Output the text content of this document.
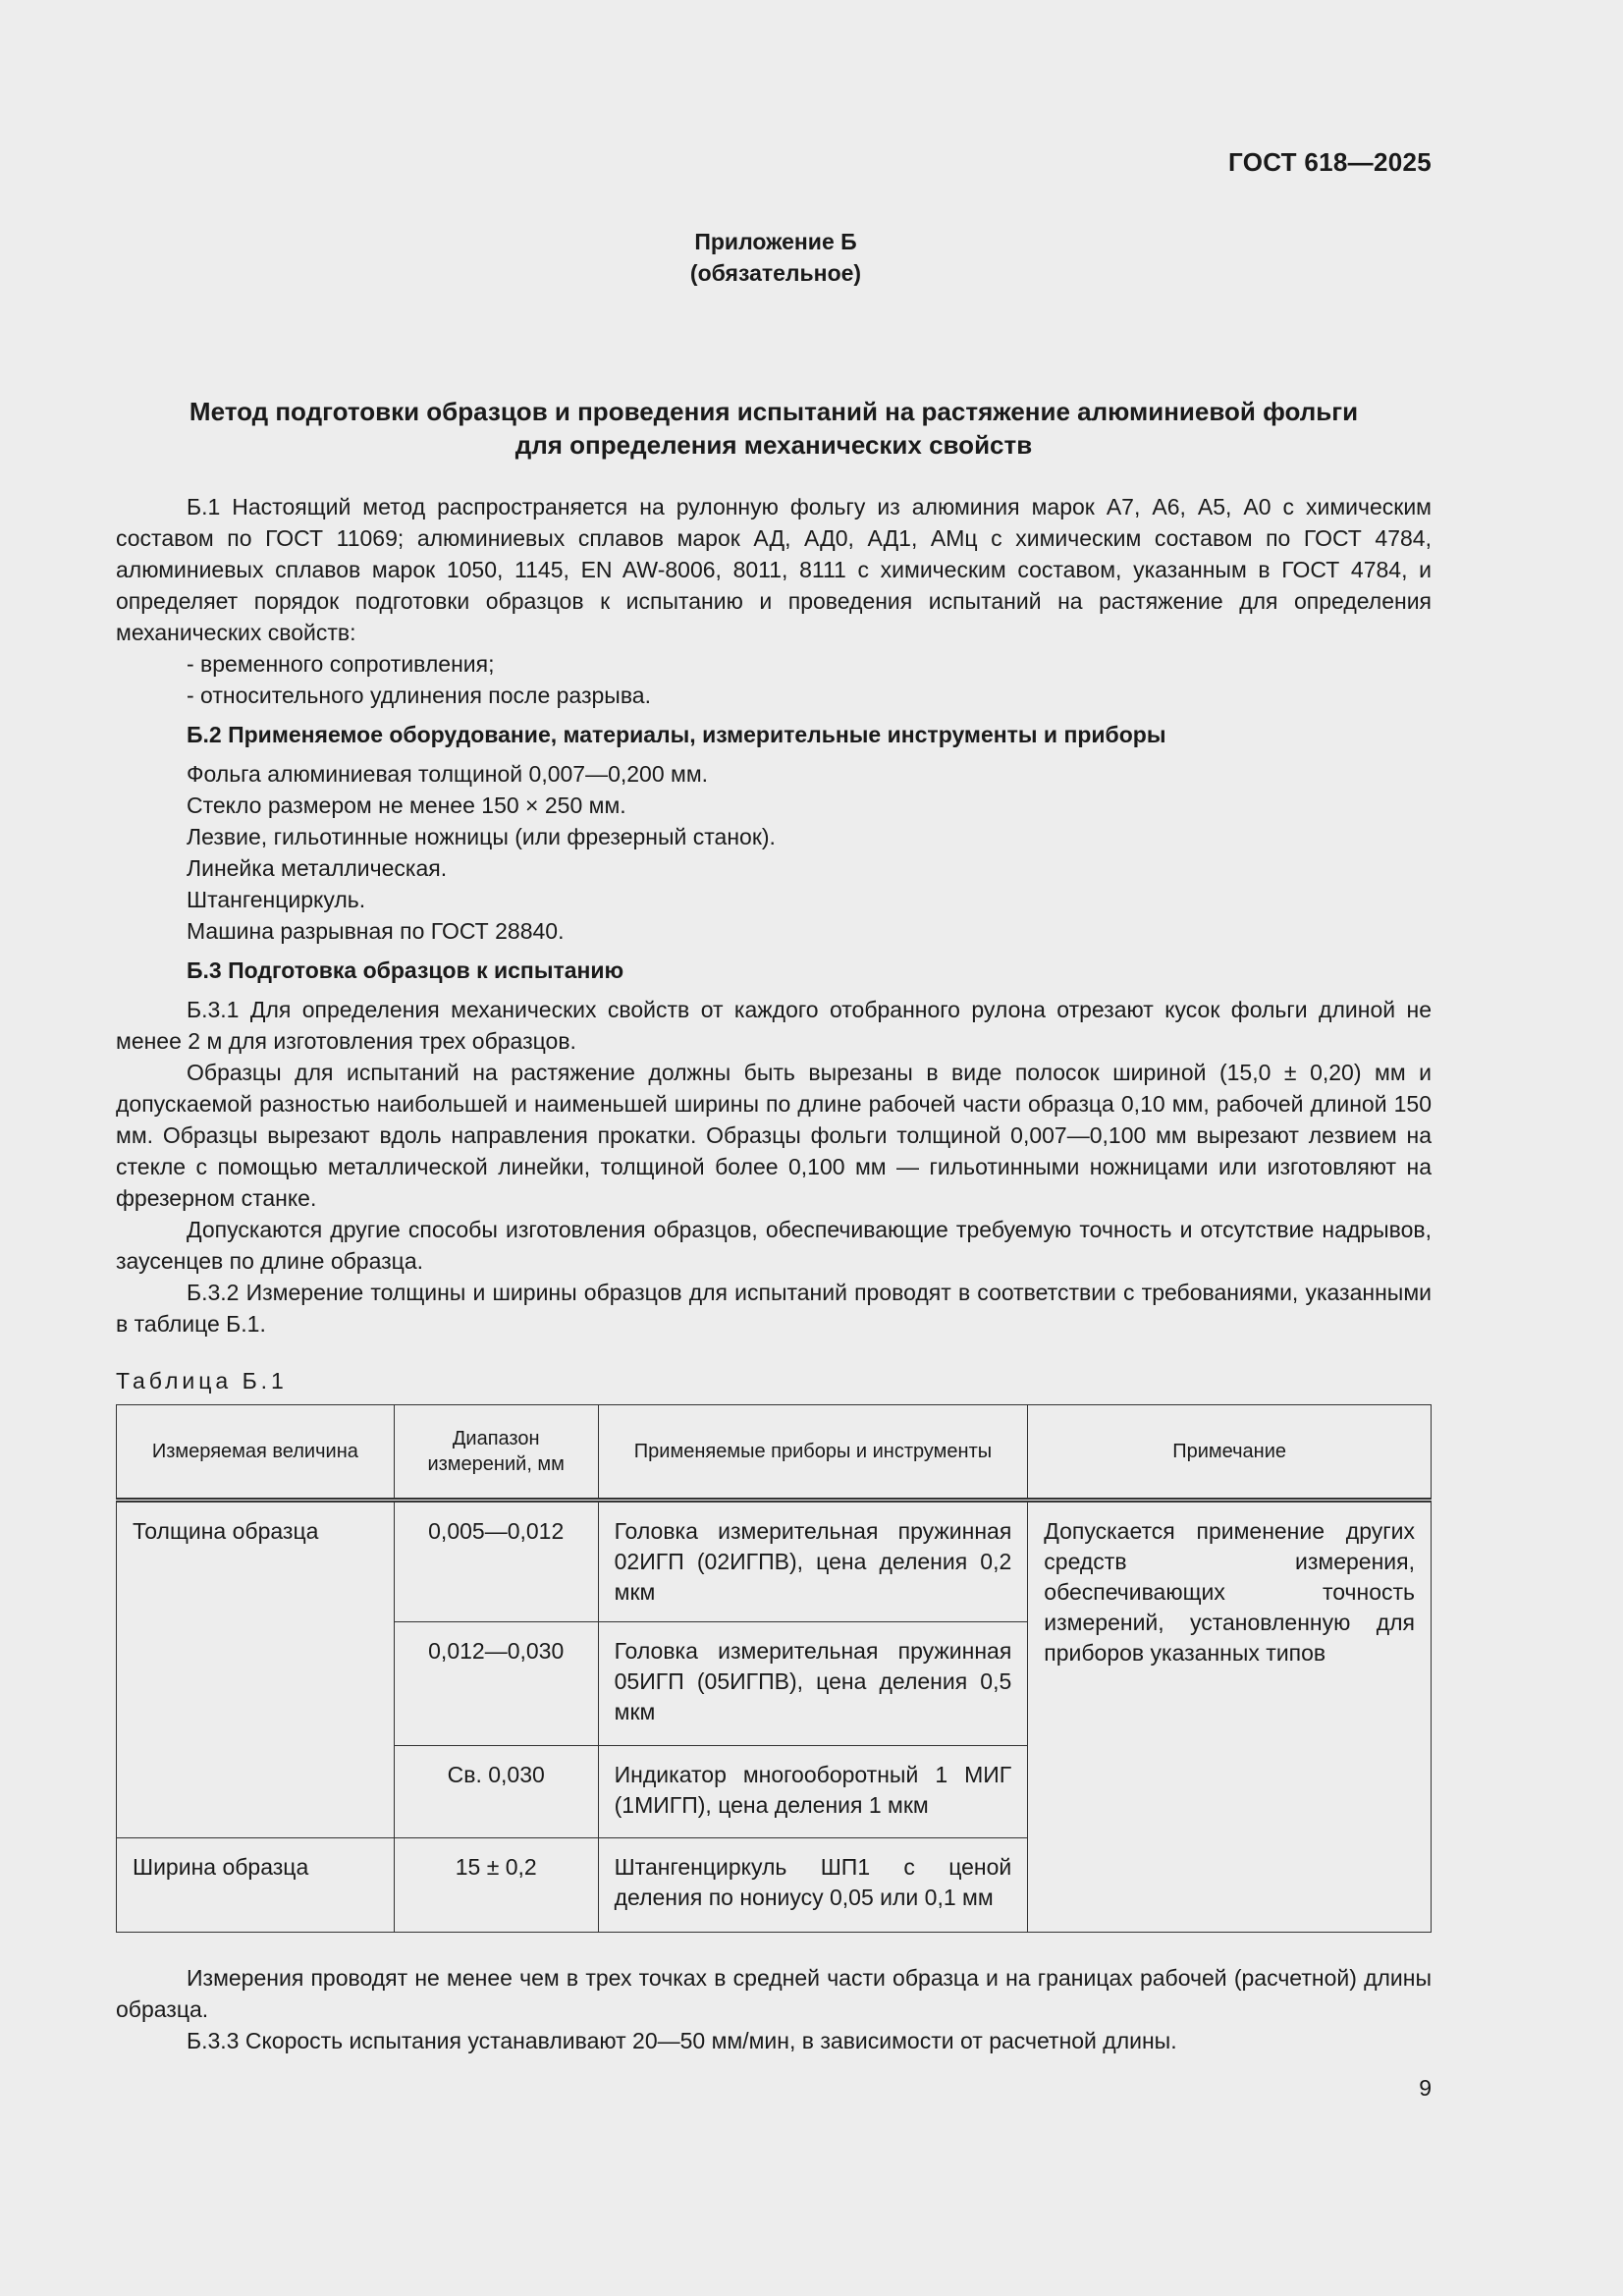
ГОСТ 618—2025
Приложение Б
(обязательное)
Метод подготовки образцов и проведения испытаний на растяжение алюминиевой фольги
для определения механических свойств

Б.1 Настоящий метод распространяется на рулонную фольгу из алюминия марок А7, А6, А5, А0 с химическим составом по ГОСТ 11069; алюминиевых сплавов марок АД, АД0, АД1, АМц с химическим составом по ГОСТ 4784, алюминиевых сплавов марок 1050, 1145, EN AW-8006, 8011, 8111 с химическим составом, указанным в ГОСТ 4784, и определяет порядок подготовки образцов к испытанию и проведения испытаний на растяжение для определения механических свойств:

- временного сопротивления;

- относительного удлинения после разрыва.

Б.2 Применяемое оборудование, материалы, измерительные инструменты и приборы

Фольга алюминиевая толщиной 0,007—0,200 мм.

Стекло размером не менее 150 × 250 мм.

Лезвие, гильотинные ножницы (или фрезерный станок).

Линейка металлическая.

Штангенциркуль.

Машина разрывная по ГОСТ 28840.

Б.3 Подготовка образцов к испытанию

Б.3.1 Для определения механических свойств от каждого отобранного рулона отрезают кусок фольги длиной не менее 2 м для изготовления трех образцов.

Образцы для испытаний на растяжение должны быть вырезаны в виде полосок шириной (15,0 ± 0,20) мм и допускаемой разностью наибольшей и наименьшей ширины по длине рабочей части образца 0,10 мм, рабочей длиной 150 мм. Образцы вырезают вдоль направления прокатки. Образцы фольги толщиной 0,007—0,100 мм вырезают лезвием на стекле с помощью металлической линейки, толщиной более 0,100 мм — гильотинными ножницами или изготовляют на фрезерном станке.

Допускаются другие способы изготовления образцов, обеспечивающие требуемую точность и отсутствие надрывов, заусенцев по длине образца.

Б.3.2 Измерение толщины и ширины образцов для испытаний проводят в соответствии с требованиями, указанными в таблице Б.1.

Таблица Б.1

Измеряемая величина	Диапазон измерений, мм	Применяемые приборы и инструменты	Примечание
Толщина образца	0,005—0,012	Головка измерительная пружинная 02ИГП (02ИГПВ), цена деления 0,2 мкм	Допускается применение других средств измерения, обеспечивающих точность измерений, установленную для приборов указанных типов
	0,012—0,030	Головка измерительная пружинная 05ИГП (05ИГПВ), цена деления 0,5 мкм	
	Св. 0,030	Индикатор многооборотный 1 МИГ (1МИГП), цена деления 1 мкм	
Ширина образца	15 ± 0,2	Штангенциркуль ШП1 с ценой деления по нониусу 0,05 или 0,1 мм	

Измерения проводят не менее чем в трех точках в средней части образца и на границах рабочей (расчетной) длины образца.

Б.3.3 Скорость испытания устанавливают 20—50 мм/мин, в зависимости от расчетной длины.

9
